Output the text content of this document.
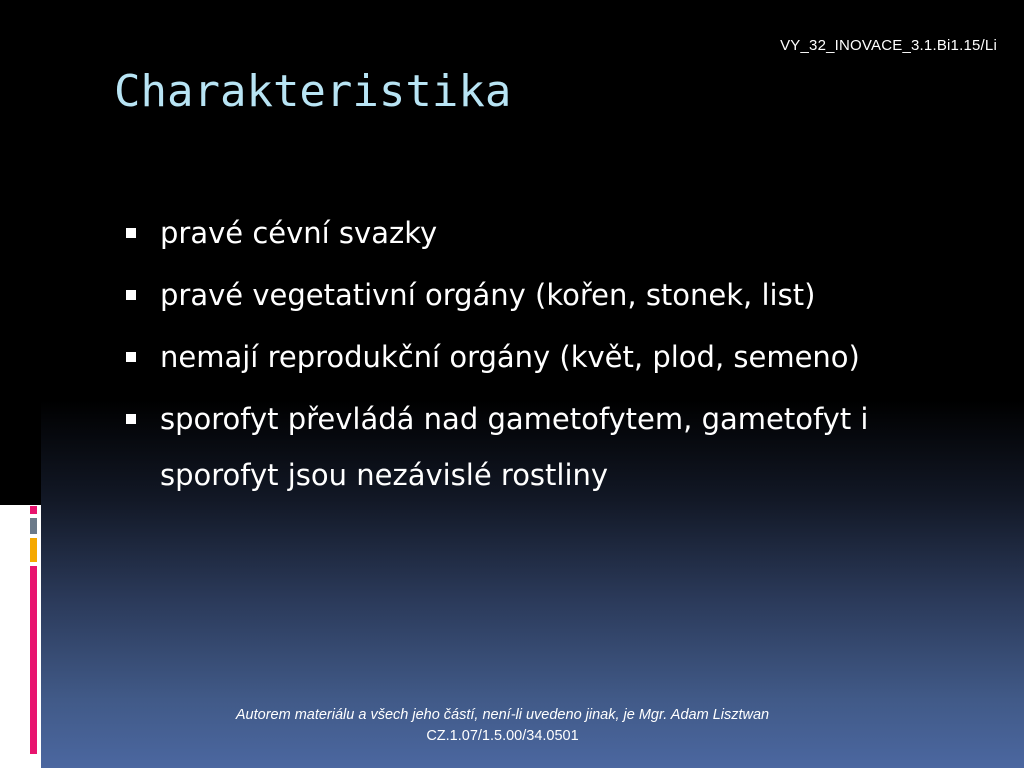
VY_32_INOVACE_3.1.Bi1.15/Li
Charakteristika
pravé cévní svazky
pravé vegetativní orgány (kořen, stonek, list)
nemají reprodukční orgány (květ, plod, semeno)
sporofyt převládá nad gametofytem, gametofyt i sporofyt jsou nezávislé rostliny
Autorem materiálu a všech jeho částí, není-li uvedeno jinak, je Mgr. Adam Lisztwan
CZ.1.07/1.5.00/34.0501
